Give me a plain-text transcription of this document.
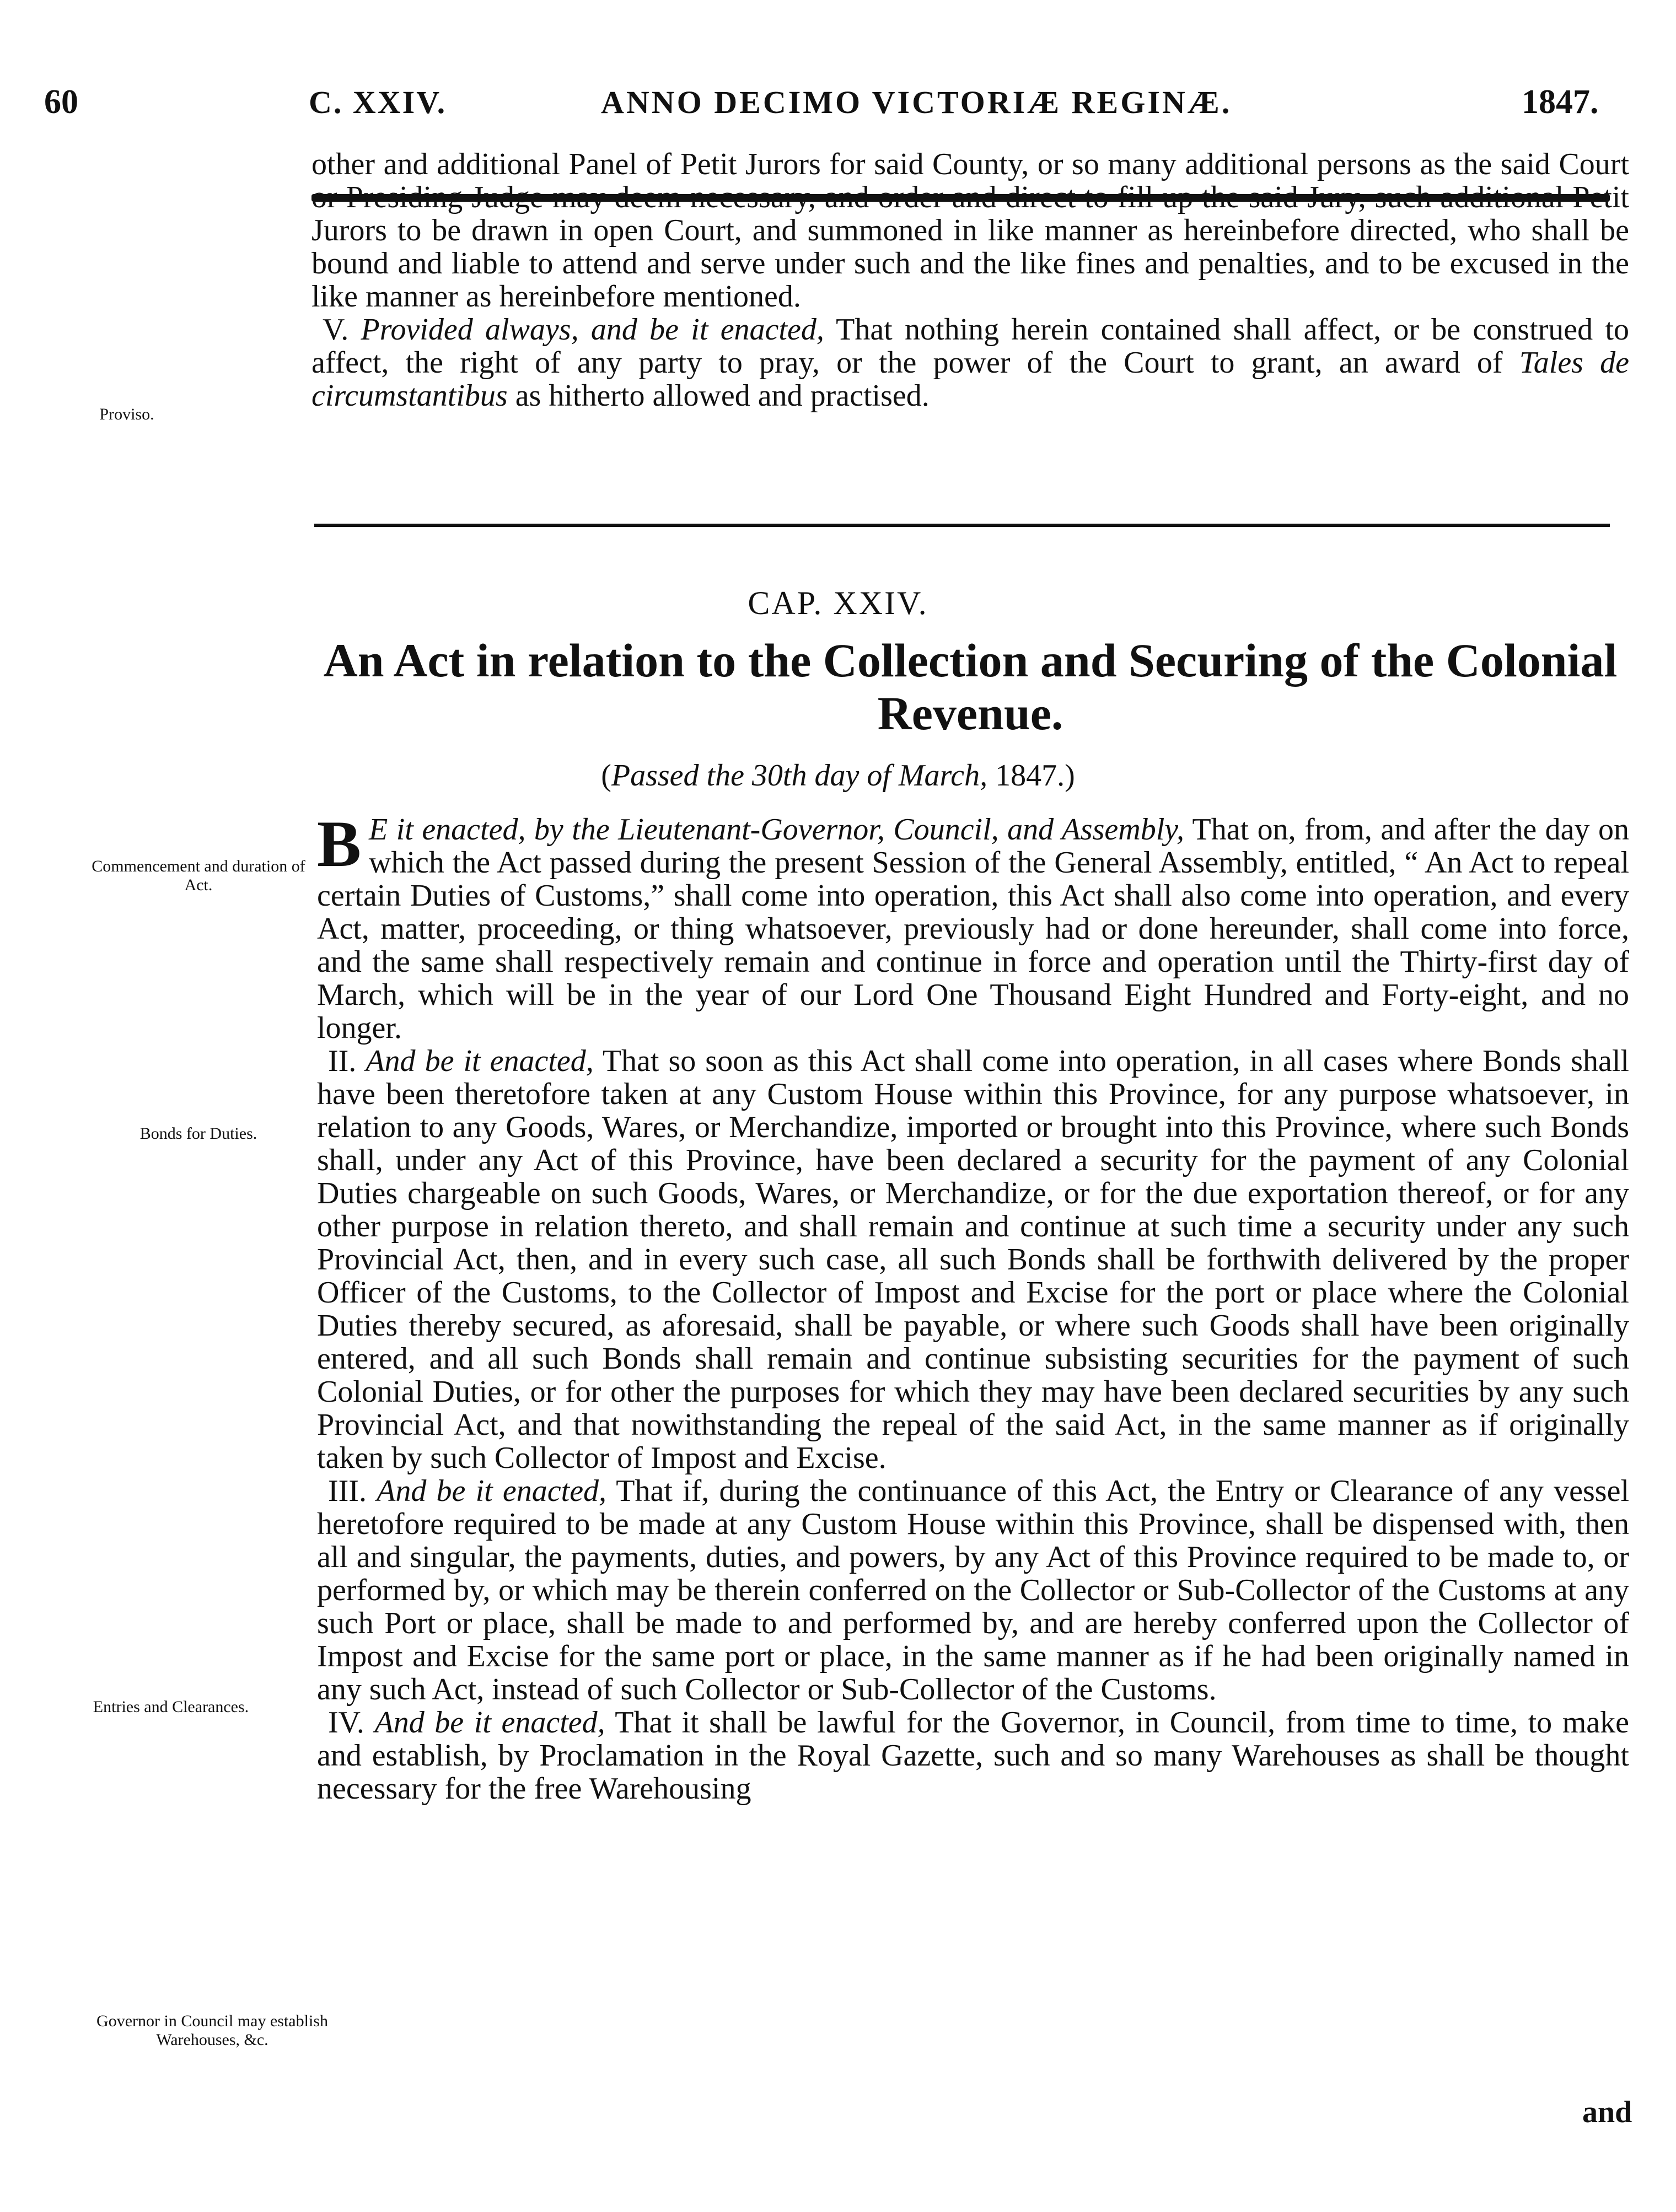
60	C. XXIV.	ANNO DECIMO VICTORIÆ REGINÆ.	1847.

other and additional Panel of Petit Jurors for said County, or so many additional persons as the said Court or Presiding Judge may deem necessary, and order and direct to fill up the said Jury, such additional Petit Jurors to be drawn in open Court, and summoned in like manner as hereinbefore directed, who shall be bound and liable to attend and serve under such and the like fines and penalties, and to be excused in the like manner as hereinbefore mentioned.

V. Provided always, and be it enacted, That nothing herein contained shall affect, or be construed to affect, the right of any party to pray, or the power of the Court to grant, an award of Tales de circumstantibus as hitherto allowed and practised.

Proviso.
CAP. XXIV.
An Act in relation to the Collection and Securing of the Colonial Revenue.
(Passed the 30th day of March, 1847.)

B E it enacted, by the Lieutenant-Governor, Council, and Assembly, That on, from, and after the day on which the Act passed during the present Session of the General Assembly, entitled, “ An Act to repeal certain Duties of Customs,” shall come into operation, this Act shall also come into operation, and every Act, matter, proceeding, or thing whatsoever, previously had or done hereunder, shall come into force, and the same shall respectively remain and continue in force and operation until the Thirty-first day of March, which will be in the year of our Lord One Thousand Eight Hundred and Forty-eight, and no longer.

II. And be it enacted, That so soon as this Act shall come into operation, in all cases where Bonds shall have been theretofore taken at any Custom House within this Province, for any purpose whatsoever, in relation to any Goods, Wares, or Merchandize, imported or brought into this Province, where such Bonds shall, under any Act of this Province, have been declared a security for the payment of any Colonial Duties chargeable on such Goods, Wares, or Merchandize, or for the due exportation thereof, or for any other purpose in relation thereto, and shall remain and continue at such time a security under any such Provincial Act, then, and in every such case, all such Bonds shall be forthwith delivered by the proper Officer of the Customs, to the Collector of Impost and Excise for the port or place where the Colonial Duties thereby secured, as aforesaid, shall be payable, or where such Goods shall have been originally entered, and all such Bonds shall remain and continue subsisting securities for the payment of such Colonial Duties, or for other the purposes for which they may have been declared securities by any such Provincial Act, and that nowithstanding the repeal of the said Act, in the same manner as if originally taken by such Collector of Impost and Excise.

III. And be it enacted, That if, during the continuance of this Act, the Entry or Clearance of any vessel heretofore required to be made at any Custom House within this Province, shall be dispensed with, then all and singular, the payments, duties, and powers, by any Act of this Province required to be made to, or performed by, or which may be therein conferred on the Collector or Sub-Collector of the Customs at any such Port or place, shall be made to and performed by, and are hereby conferred upon the Collector of Impost and Excise for the same port or place, in the same manner as if he had been originally named in any such Act, instead of such Collector or Sub-Collector of the Customs.

IV. And be it enacted, That it shall be lawful for the Governor, in Council, from time to time, to make and establish, by Proclamation in the Royal Gazette, such and so many Warehouses as shall be thought necessary for the free Warehousing

Commencement and duration of Act.
Bonds for Duties.
Entries and Clearances.
Governor in Council may establish Warehouses, &c.
and
